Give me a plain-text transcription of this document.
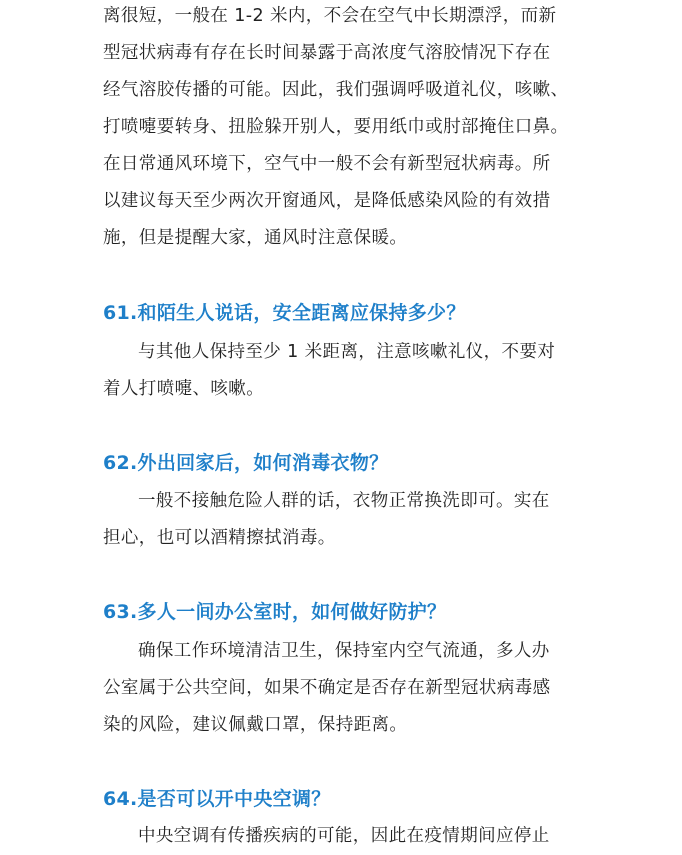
离很短，一般在 1-2 米内，不会在空气中长期漂浮，而新

型冠状病毒有存在长时间暴露于高浓度气溶胶情况下存在

经气溶胶传播的可能。因此，我们强调呼吸道礼仪，咳嗽、

打喷嚏要转身、扭脸躲开别人，要用纸巾或肘部掩住口鼻。

在日常通风环境下，空气中一般不会有新型冠状病毒。所

以建议每天至少两次开窗通风，是降低感染风险的有效措

施，但是提醒大家，通风时注意保暖。

61.和陌生人说话，安全距离应保持多少？

与其他人保持至少 1 米距离，注意咳嗽礼仪，不要对

着人打喷嚏、咳嗽。

62.外出回家后，如何消毒衣物？

一般不接触危险人群的话，衣物正常换洗即可。实在

担心，也可以酒精擦拭消毒。

63.多人一间办公室时，如何做好防护？

确保工作环境清洁卫生，保持室内空气流通，多人办

公室属于公共空间，如果不确定是否存在新型冠状病毒感

染的风险，建议佩戴口罩，保持距离。

64.是否可以开中央空调？

中央空调有传播疾病的可能，因此在疫情期间应停止
